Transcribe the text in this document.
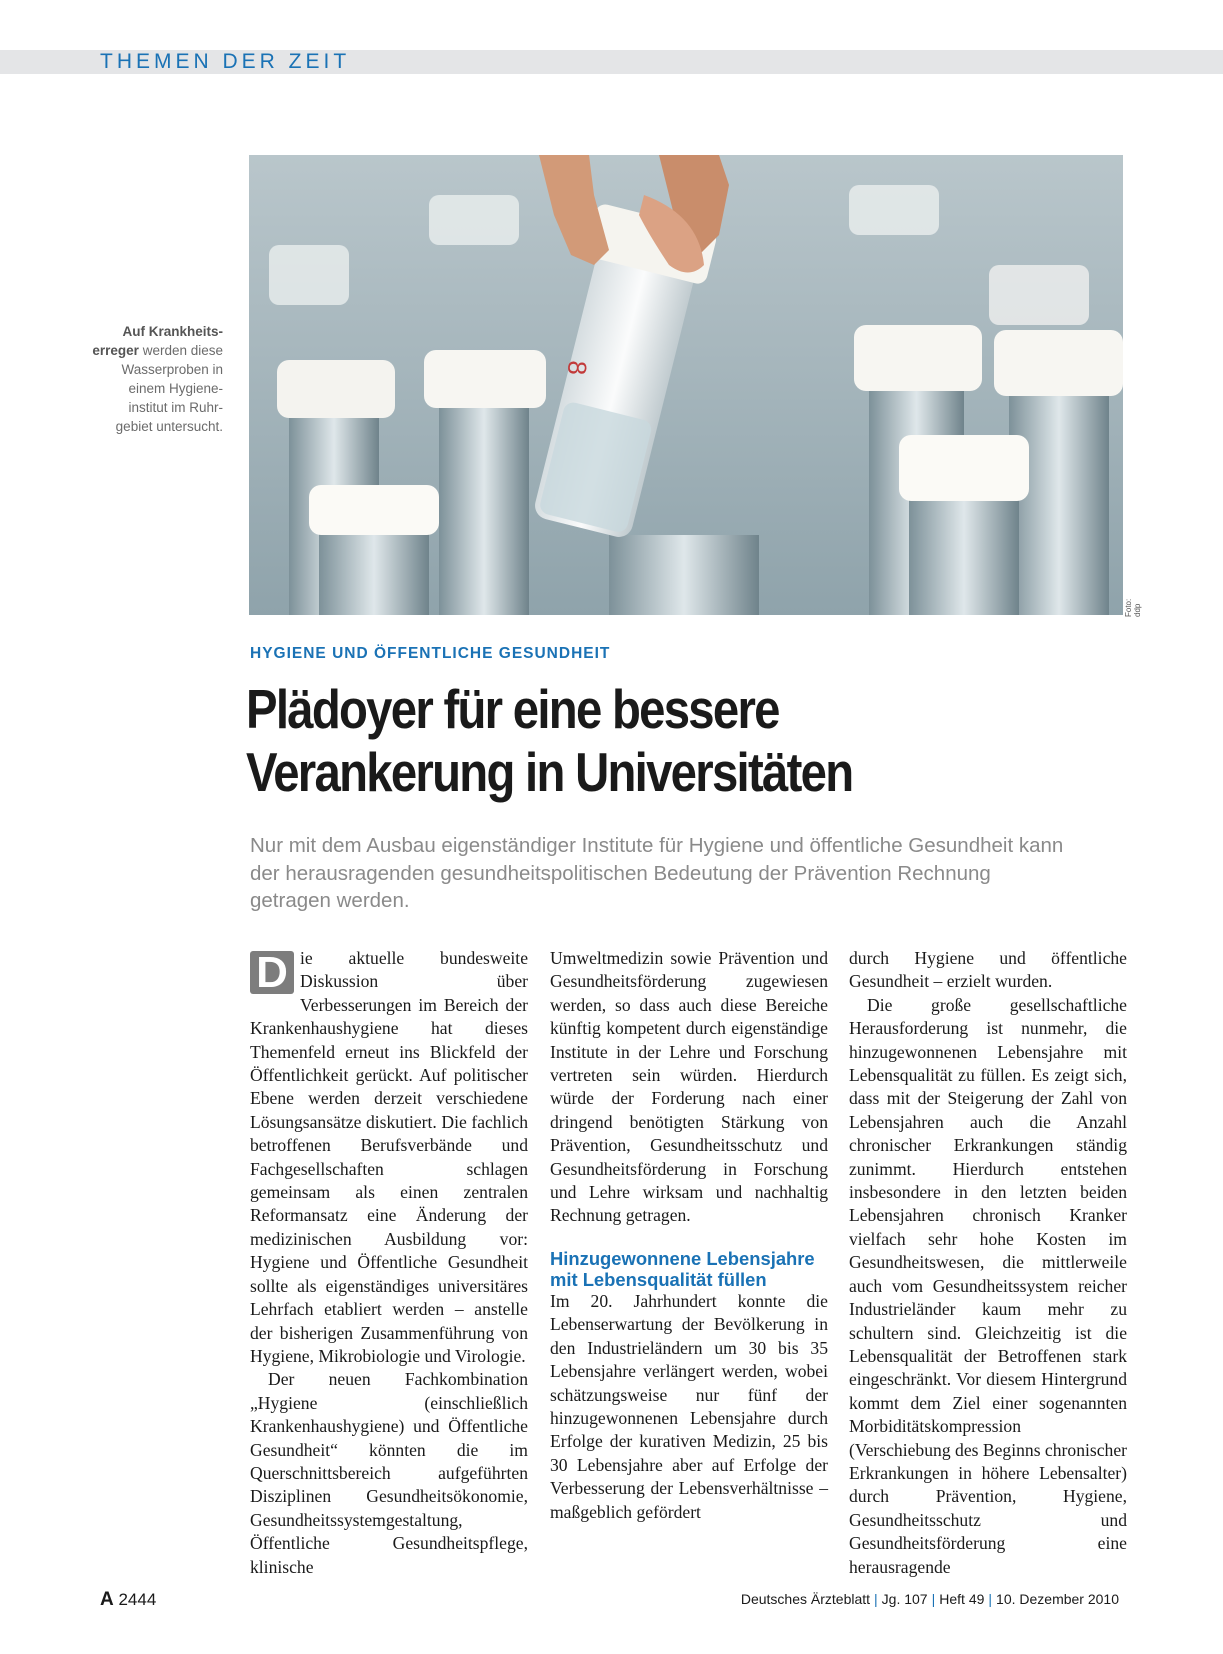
THEMEN DER ZEIT
Auf Krankheits- erreger werden diese Wasserproben in einem Hygiene- institut im Ruhr- gebiet untersucht.
8
Foto: ddp
HYGIENE UND ÖFFENTLICHE GESUNDHEIT
Plädoyer für eine bessere
Verankerung in Universitäten
Nur mit dem Ausbau eigenständiger Institute für Hygiene und öffentliche Gesundheit kann der herausragenden gesundheitspolitischen Bedeutung der Prävention Rechnung getragen werden.

D ie aktuelle bundesweite Diskussion über Verbesserungen im Bereich der Krankenhaushygiene hat dieses Themenfeld erneut ins Blickfeld der Öffentlichkeit gerückt. Auf politischer Ebene werden derzeit verschiedene Lösungsansätze diskutiert. Die fachlich betroffenen Berufsverbände und Fachgesellschaften schlagen gemeinsam als einen zentralen Reformansatz eine Änderung der medizinischen Ausbildung vor: Hygiene und Öffentliche Gesundheit sollte als eigenständiges universitäres Lehrfach etabliert werden – anstelle der bisherigen Zusammenführung von Hygiene, Mikrobiologie und Virologie.

Der neuen Fachkombination „Hygiene (einschließlich Krankenhaushygiene) und Öffentliche Gesundheit“ könnten die im Querschnittsbereich aufgeführten Disziplinen Gesundheitsökonomie, Gesundheitssystemgestaltung, Öffentliche Gesundheitspflege, klinische

Umweltmedizin sowie Prävention und Gesundheitsförderung zugewiesen werden, so dass auch diese Bereiche künftig kompetent durch eigenständige Institute in der Lehre und Forschung vertreten sein würden. Hierdurch würde der Forderung nach einer dringend benötigten Stärkung von Prävention, Gesundheitsschutz und Gesundheitsförderung in Forschung und Lehre wirksam und nachhaltig Rechnung getragen.

Hinzugewonnene Lebensjahre mit Lebensqualität füllen

Im 20. Jahrhundert konnte die Lebenserwartung der Bevölkerung in den Industrieländern um 30 bis 35 Lebensjahre verlängert werden, wobei schätzungsweise nur fünf der hinzugewonnenen Lebensjahre durch Erfolge der kurativen Medizin, 25 bis 30 Lebensjahre aber auf Erfolge der Verbesserung der Lebensverhältnisse – maßgeblich gefördert

durch Hygiene und öffentliche Gesundheit – erzielt wurden.

Die große gesellschaftliche Herausforderung ist nunmehr, die hinzugewonnenen Lebensjahre mit Lebensqualität zu füllen. Es zeigt sich, dass mit der Steigerung der Zahl von Lebensjahren auch die Anzahl chronischer Erkrankungen ständig zunimmt. Hierdurch entstehen insbesondere in den letzten beiden Lebensjahren chronisch Kranker vielfach sehr hohe Kosten im Gesundheitswesen, die mittlerweile auch vom Gesundheitssystem reicher Industrieländer kaum mehr zu schultern sind. Gleichzeitig ist die Lebensqualität der Betroffenen stark eingeschränkt. Vor diesem Hintergrund kommt dem Ziel einer sogenannten Morbiditätskompression (Verschiebung des Beginns chronischer Erkrankungen in höhere Lebensalter) durch Prävention, Hygiene, Gesundheitsschutz und Gesundheitsförderung eine herausragende

A 2444	Deutsches Ärzteblatt | Jg. 107 | Heft 49 | 10. Dezember 2010
